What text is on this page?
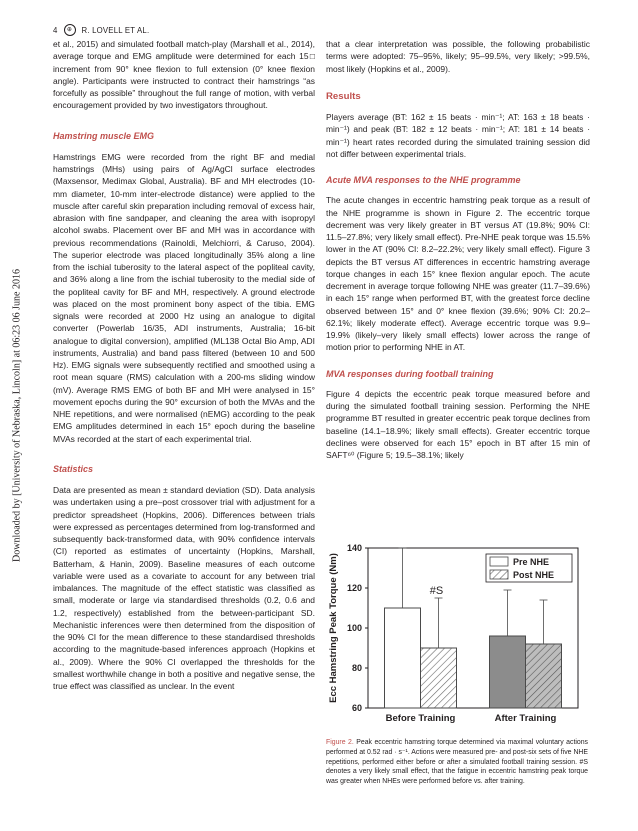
4	⊕	R. LOVELL ET AL.
Downloaded by [University of Nebraska, Lincoln] at 06:23 06 June 2016

et al., 2015) and simulated football match-play (Marshall et al., 2014), average torque and EMG amplitude were determined for each 15□ increment from 90° knee flexion to full extension (0° knee flexion angle). Participants were instructed to contract their hamstrings “as forcefully as possible” throughout the full range of motion, with verbal encouragement provided by two investigators throughout.

Hamstring muscle EMG

Hamstrings EMG were recorded from the right BF and medial hamstrings (MHs) using pairs of Ag/AgCl surface electrodes (Maxsensor, Medimax Global, Australia). BF and MH electrodes (10-mm diameter, 10-mm inter-electrode distance) were applied to the muscle after careful skin preparation including removal of excess hair, abrasion with fine sandpaper, and cleaning the area with isopropyl alcohol swabs. Placement over BF and MH was in accordance with previous recommendations (Rainoldi, Melchiorri, & Caruso, 2004). The superior electrode was placed longitudinally 35% along a line from the ischial tuberosity to the lateral aspect of the popliteal cavity, and 36% along a line from the ischial tuberosity to the medial side of the popliteal cavity for BF and MH, respectively. A ground electrode was placed on the most prominent bony aspect of the tibia. EMG signals were recorded at 2000 Hz using an analogue to digital converter (Powerlab 16/35, ADI instruments, Australia; 16-bit analogue to digital conversion), amplified (ML138 Octal Bio Amp, ADI instruments, Australia) and band pass filtered (between 10 and 500 Hz). EMG signals were subsequently rectified and smoothed using a root mean square (RMS) calculation with a 200-ms sliding window (mV). Average RMS EMG of both BF and MH were analysed in 15° movement epochs during the 90° excursion of both the MVAs and the NHE repetitions, and were normalised (nEMG) according to the peak EMG amplitudes determined in each 15° epoch during the baseline MVAs recorded at the start of each experimental trial.

Statistics

Data are presented as mean ± standard deviation (SD). Data analysis was undertaken using a pre–post crossover trial with adjustment for a predictor spreadsheet (Hopkins, 2006). Differences between trials were expressed as percentages determined from log-transformed and subsequently back-transformed data, with 90% confidence intervals (CI) reported as estimates of uncertainty (Hopkins, Marshall, Batterham, & Hanin, 2009). Baseline measures of each outcome variable were used as a covariate to account for any between trial imbalances. The magnitude of the effect statistic was classified as small, moderate or large via standardised thresholds (0.2, 0.6 and 1.2, respectively) established from the between-participant SD. Mechanistic inferences were then determined from the disposition of the 90% CI for the mean difference to these standardised thresholds according to the magnitude-based inferences approach (Hopkins et al., 2009). Where the 90% CI overlapped the thresholds for the smallest worthwhile change in both a positive and negative sense, the true effect was classified as unclear. In the event

that a clear interpretation was possible, the following probabilistic terms were adopted: 75–95%, likely; 95–99.5%, very likely; >99.5%, most likely (Hopkins et al., 2009).

Results

Players average (BT: 162 ± 15 beats · min⁻¹; AT: 163 ± 18 beats · min⁻¹) and peak (BT: 182 ± 12 beats · min⁻¹; AT: 181 ± 14 beats · min⁻¹) heart rates recorded during the simulated training session did not differ between experimental trials.

Acute MVA responses to the NHE programme

The acute changes in eccentric hamstring peak torque as a result of the NHE programme is shown in Figure 2. The eccentric torque decrement was very likely greater in BT versus AT (19.8%; 90% CI: 11.5–27.8%; very likely small effect). Pre-NHE peak torque was 15.5% lower in the AT (90% CI: 8.2–22.2%; very likely small effect). Figure 3 depicts the BT versus AT differences in eccentric hamstring average torque changes in each 15° knee flexion angular epoch. The acute decrement in average torque following NHE was greater (11.7–39.6%) in each 15° range when performed BT, with the greatest force decline observed between 15° and 0° knee flexion (39.6%; 90% CI: 20.2–62.1%; likely moderate effect). Average eccentric torque was 9.9–19.9% (likely–very likely small effects) lower across the range of motion prior to performing NHE in AT.

MVA responses during football training

Figure 4 depicts the eccentric peak torque measured before and during the simulated football training session. Performing the NHE programme BT resulted in greater eccentric peak torque declines from baseline (14.1–18.9%; likely small effects). Greater eccentric torque declines were observed for each 15° epoch in BT after 15 min of SAFT⁶⁰ (Figure 5; 19.5–38.1%; likely

60
80
100
120
140
Ecc Hamstring Peak Torque (Nm)
Before Training	After Training
#S
Pre NHE
Post NHE
Figure 2. Peak eccentric hamstring torque determined via maximal voluntary actions performed at 0.52 rad · s⁻¹. Actions were measured pre- and post-six sets of five NHE repetitions, performed either before or after a simulated football training session. #S denotes a very likely small effect, that the fatigue in eccentric hamstring peak torque was greater when NHEs were performed before vs. after training.
